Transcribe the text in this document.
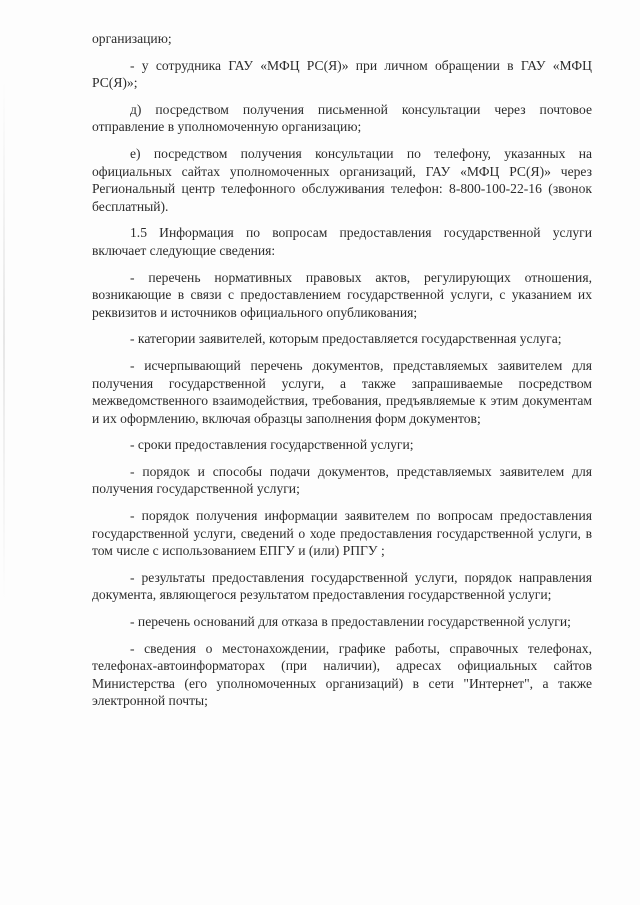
организацию;

- у сотрудника ГАУ «МФЦ РС(Я)» при личном обращении в ГАУ «МФЦ РС(Я)»;

д) посредством получения письменной консультации через почтовое отправление в уполномоченную организацию;

е) посредством получения консультации по телефону, указанных на официальных сайтах уполномоченных организаций, ГАУ «МФЦ РС(Я)» через Региональный центр телефонного обслуживания телефон: 8-800-100-22-16 (звонок бесплатный).

1.5 Информация по вопросам предоставления государственной услуги включает следующие сведения:

- перечень нормативных правовых актов, регулирующих отношения, возникающие в связи с предоставлением государственной услуги, с указанием их реквизитов и источников официального опубликования;

- категории заявителей, которым предоставляется государственная услуга;

- исчерпывающий перечень документов, представляемых заявителем для получения государственной услуги, а также запрашиваемые посредством межведомственного взаимодействия, требования, предъявляемые к этим документам и их оформлению, включая образцы заполнения форм документов;

- сроки предоставления государственной услуги;

- порядок и способы подачи документов, представляемых заявителем для получения государственной услуги;

- порядок получения информации заявителем по вопросам предоставления государственной услуги, сведений о ходе предоставления государственной услуги, в том числе с использованием ЕПГУ и (или) РПГУ ;

- результаты предоставления государственной услуги, порядок направления документа, являющегося результатом предоставления государственной услуги;

- перечень оснований для отказа в предоставлении государственной услуги;

- сведения о местонахождении, графике работы, справочных телефонах, телефонах-автоинформаторах (при наличии), адресах официальных сайтов Министерства (его уполномоченных организаций) в сети "Интернет", а также электронной почты;
